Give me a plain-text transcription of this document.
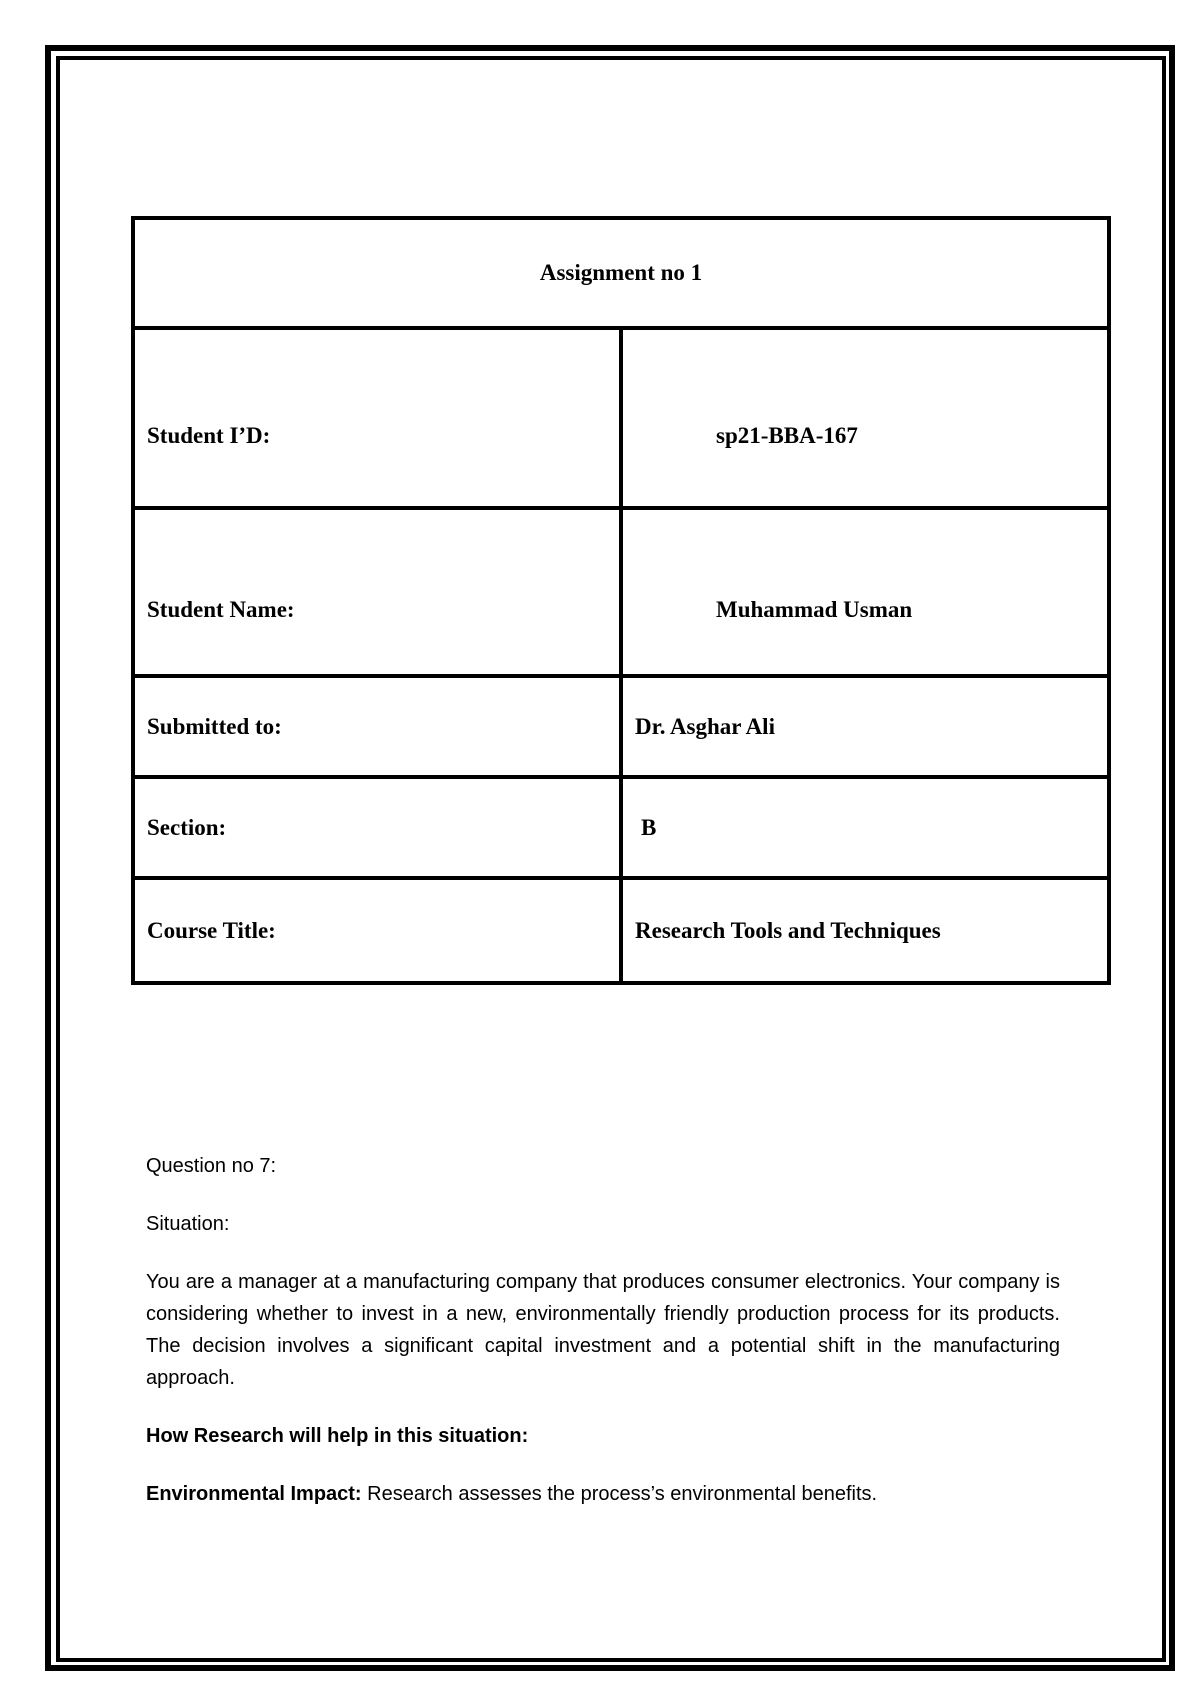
Assignment no 1	
Student I’D:	sp21-BBA-167
Student Name:	Muhammad Usman
Submitted to:	Dr. Asghar Ali
Section:	B
Course Title:	Research Tools and Techniques

Question no 7:

Situation:

You are a manager at a manufacturing company that produces consumer electronics. Your company is considering whether to invest in a new, environmentally friendly production process for its products. The decision involves a significant capital investment and a potential shift in the manufacturing approach.

How Research will help in this situation:

Environmental Impact: Research assesses the process’s environmental benefits.
